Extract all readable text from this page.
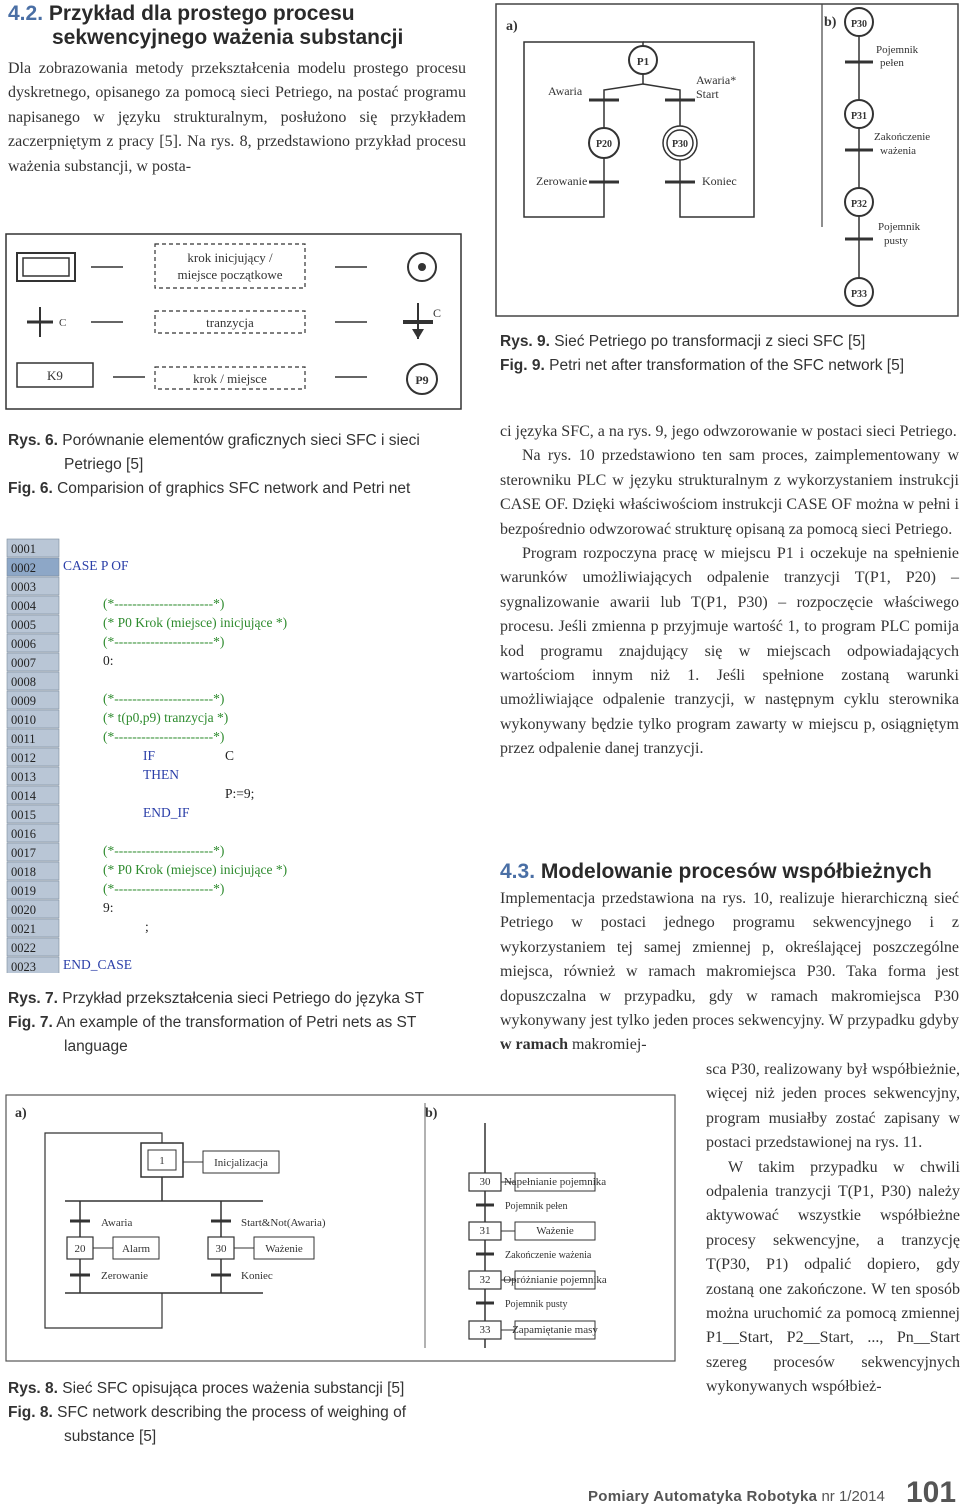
4.2. Przykład dla prostego procesu
sekwencyjnego ważenia substancji
Dla zobrazowania metody przekształcenia modelu prostego procesu dyskretnego, opisanego za pomocą sieci Petriego, na postać programu napisanego w języku strukturalnym, posłużono się przykładem zaczerpniętym z pracy [5]. Na rys. 8, przedstawiono przykład procesu ważenia substancji, w posta-
krok inicjujący /
miejsce początkowe
C	tranzycja
C
K9	krok / miejsce	P9
Rys. 6. Porównanie elementów graficznych sieci SFC i sieci Petriego [5]
Fig. 6. Comparision of graphics SFC network and Petri net
a)	b)
P1
Awaria
Awaria*
Start
P20	P30
Zerowanie	Koniec
P30
Pojemnik
pełen
P31
Zakończenie
ważenia
P32
Pojemnik
pusty
P33
Rys. 9. Sieć Petriego po transformacji z sieci SFC [5]
Fig. 9. Petri net after transformation of the SFC network [5]
0001
0002
0003
0004
0005
0006
0007
0008
0009
0010
0011
0012
0013
0014
0015
0016
0017
0018
0019
0020
0021
0022
0023
CASE P OF
(*----------------------*)
(* P0 Krok (miejsce) inicjujące *)
(*----------------------*)
0:
(*----------------------*)
(* t(p0,p9) tranzycja *)
(*----------------------*)
IF	C
THEN
P:=9;
END_IF
(*----------------------*)
(* P0 Krok (miejsce) inicjujące *)
(*----------------------*)
9:
;
END_CASE
Rys. 7. Przykład przekształcenia sieci Petriego do języka ST
Fig. 7. An example of the transformation of Petri nets as ST language
a)	b)
1	Inicjalizacja
Awaria	Start&Not(Awaria)
20	Alarm	30	Ważenie
Zerowanie	Koniec
30 Napełnianie pojemnika
Pojemnik pełen
31	Ważenie
Zakończenie ważenia
32 Opróżnianie pojemnika
Pojemnik pusty
33 Zapamiętanie masy
Rys. 8. Sieć SFC opisująca proces ważenia substancji [5]
Fig. 8. SFC network describing the process of weighing of substance [5]
ci języka SFC, a na rys. 9, jego odwzorowanie w postaci sieci Petriego.
Na rys. 10 przedstawiono ten sam proces, zaimplementowany w sterowniku PLC w języku strukturalnym z wykorzystaniem instrukcji CASE OF. Dzięki właściwościom instrukcji CASE OF można w pełni i bezpośrednio odwzorować strukturę opisaną za pomocą sieci Petriego.
Program rozpoczyna pracę w miejscu P1 i oczekuje na spełnienie warunków umożliwiających odpalenie tranzycji T(P1, P20) – sygnalizowanie awarii lub T(P1, P30) – rozpoczęcie właściwego procesu. Jeśli zmienna p przyjmuje wartość 1, to program PLC pomija kod programu znajdujący się w miejscach odpowiadających wartościom innym niż 1. Jeśli spełnione zostaną warunki umożliwiające odpalenie tranzycji, w następnym cyklu sterownika wykonywany będzie tylko program zawarty w miejscu p, osiągniętym przez odpalenie danej tranzycji.
4.3. Modelowanie procesów współbieżnych
Implementacja przedstawiona na rys. 10, realizuje hierarchiczną sieć Petriego w postaci jednego programu sekwencyjnego i z wykorzystaniem tej samej zmiennej p, określającej poszczególne miejsca, również w ramach makromiejsca P30. Taka forma jest dopuszczalna w przypadku, gdy w ramach makromiejsca P30 wykonywany jest tylko jeden proces sekwencyjny. W przypadku gdyby w ramach makromiej-
sca P30, realizowany był współbieżnie, więcej niż jeden proces sekwencyjny, program musiałby zostać zapisany w postaci przedstawionej na rys. 11.
W takim przypadku w chwili odpalenia tranzycji T(P1, P30) należy aktywować wszystkie współbieżne procesy sekwencyjne, a tranzycję T(P30, P1) odpalić dopiero, gdy zostaną one zakończone. W ten sposób można uruchomić za pomocą zmiennej P1__Start, P2__Start, ..., Pn__Start szereg procesów sekwencyjnych wykonywanych współbież-
Pomiary Automatyka Robotyka nr 1/2014 101
